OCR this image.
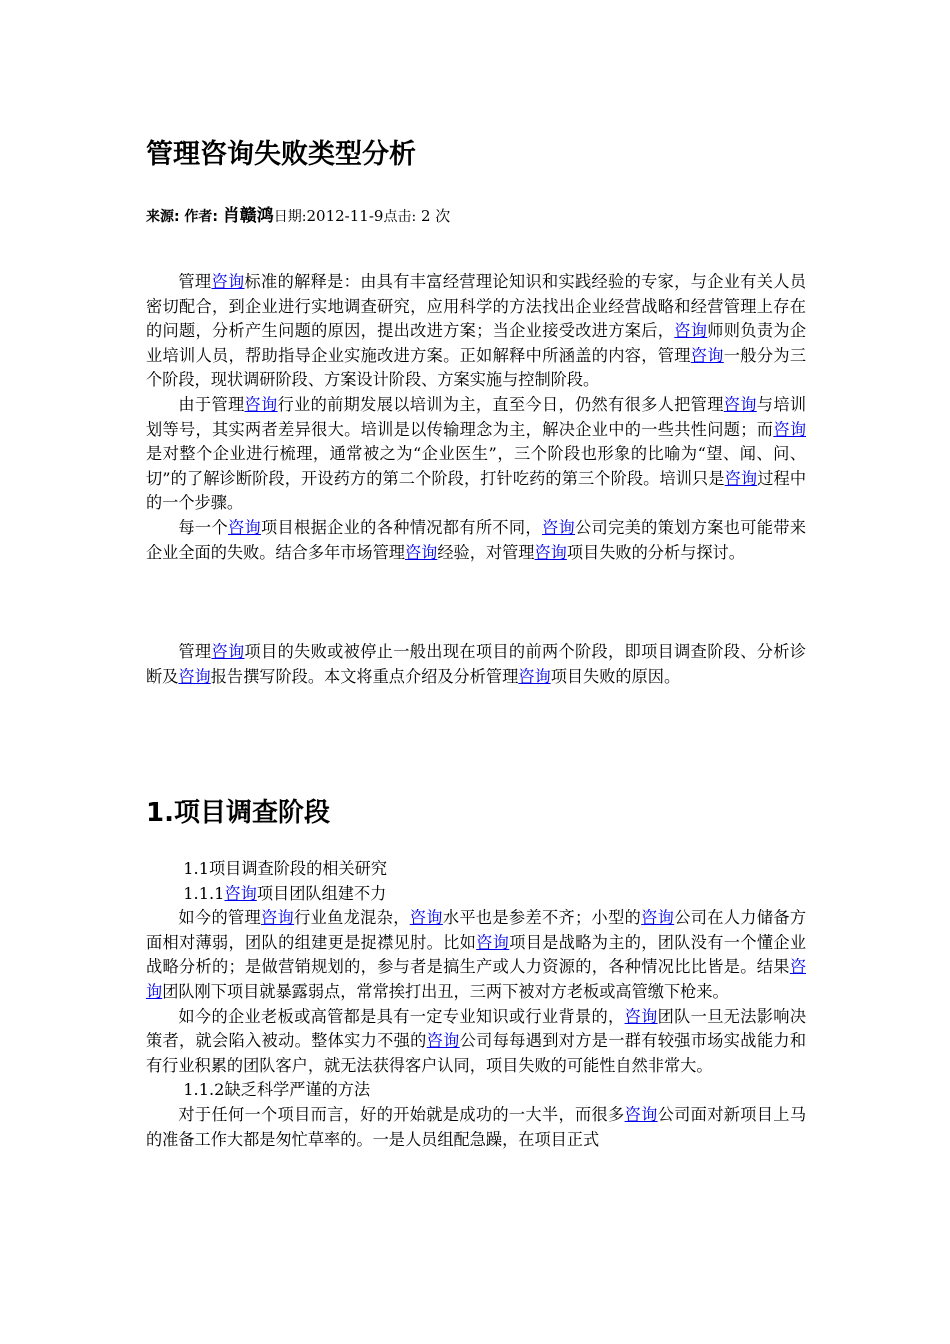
管理咨询失败类型分析
来源: 作者: 肖赣鸿日期:2012-11-9点击: 2 次

管理咨询标准的解释是：由具有丰富经营理论知识和实践经验的专家，与企业有关人员密切配合，到企业进行实地调查研究，应用科学的方法找出企业经营战略和经营管理上存在的问题，分析产生问题的原因，提出改进方案；当企业接受改进方案后，咨询师则负责为企业培训人员，帮助指导企业实施改进方案。正如解释中所涵盖的内容，管理咨询一般分为三个阶段，现状调研阶段、方案设计阶段、方案实施与控制阶段。

由于管理咨询行业的前期发展以培训为主，直至今日，仍然有很多人把管理咨询与培训划等号，其实两者差异很大。培训是以传输理念为主，解决企业中的一些共性问题；而咨询是对整个企业进行梳理，通常被之为“企业医生”，三个阶段也形象的比喻为“望、闻、问、切”的了解诊断阶段，开设药方的第二个阶段，打针吃药的第三个阶段。培训只是咨询过程中的一个步骤。

每一个咨询项目根据企业的各种情况都有所不同，咨询公司完美的策划方案也可能带来企业全面的失败。结合多年市场管理咨询经验，对管理咨询项目失败的分析与探讨。

管理咨询项目的失败或被停止一般出现在项目的前两个阶段，即项目调查阶段、分析诊断及咨询报告撰写阶段。本文将重点介绍及分析管理咨询项目失败的原因。

1.项目调查阶段

1.1项目调查阶段的相关研究

1.1.1咨询项目团队组建不力

如今的管理咨询行业鱼龙混杂，咨询水平也是参差不齐；小型的咨询公司在人力储备方面相对薄弱，团队的组建更是捉襟见肘。比如咨询项目是战略为主的，团队没有一个懂企业战略分析的；是做营销规划的，参与者是搞生产或人力资源的，各种情况比比皆是。结果咨询团队刚下项目就暴露弱点，常常挨打出丑，三两下被对方老板或高管缴下枪来。

如今的企业老板或高管都是具有一定专业知识或行业背景的，咨询团队一旦无法影响决策者，就会陷入被动。整体实力不强的咨询公司每每遇到对方是一群有较强市场实战能力和有行业积累的团队客户，就无法获得客户认同，项目失败的可能性自然非常大。

1.1.2缺乏科学严谨的方法

对于任何一个项目而言，好的开始就是成功的一大半，而很多咨询公司面对新项目上马的准备工作大都是匆忙草率的。一是人员组配急躁，在项目正式
